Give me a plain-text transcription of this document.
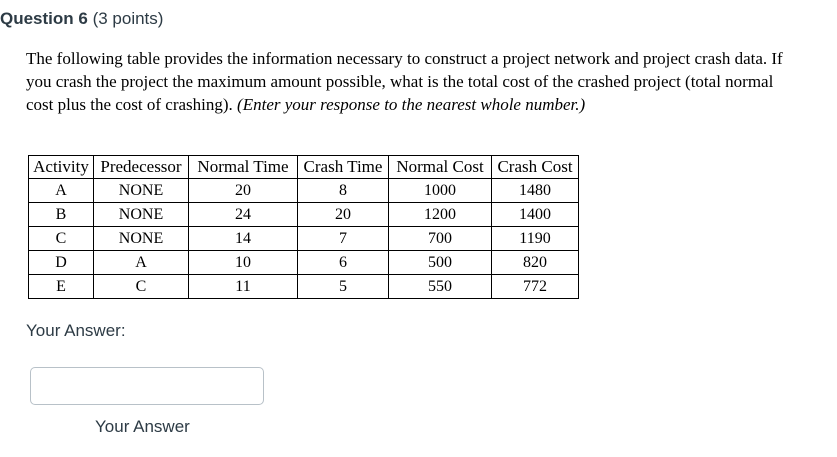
Question 6 (3 points)
The following table provides the information necessary to construct a project network and project crash data. If you crash the project the maximum amount possible, what is the total cost of the crashed project (total normal cost plus the cost of crashing). (Enter your response to the nearest whole number.)
Activity	Predecessor	Normal Time	Crash Time	Normal Cost	Crash Cost
A	NONE	20	8	1000	1480
B	NONE	24	20	1200	1400
C	NONE	14	7	700	1190
D	A	10	6	500	820
E	C	11	5	550	772
Your Answer:
Your Answer
